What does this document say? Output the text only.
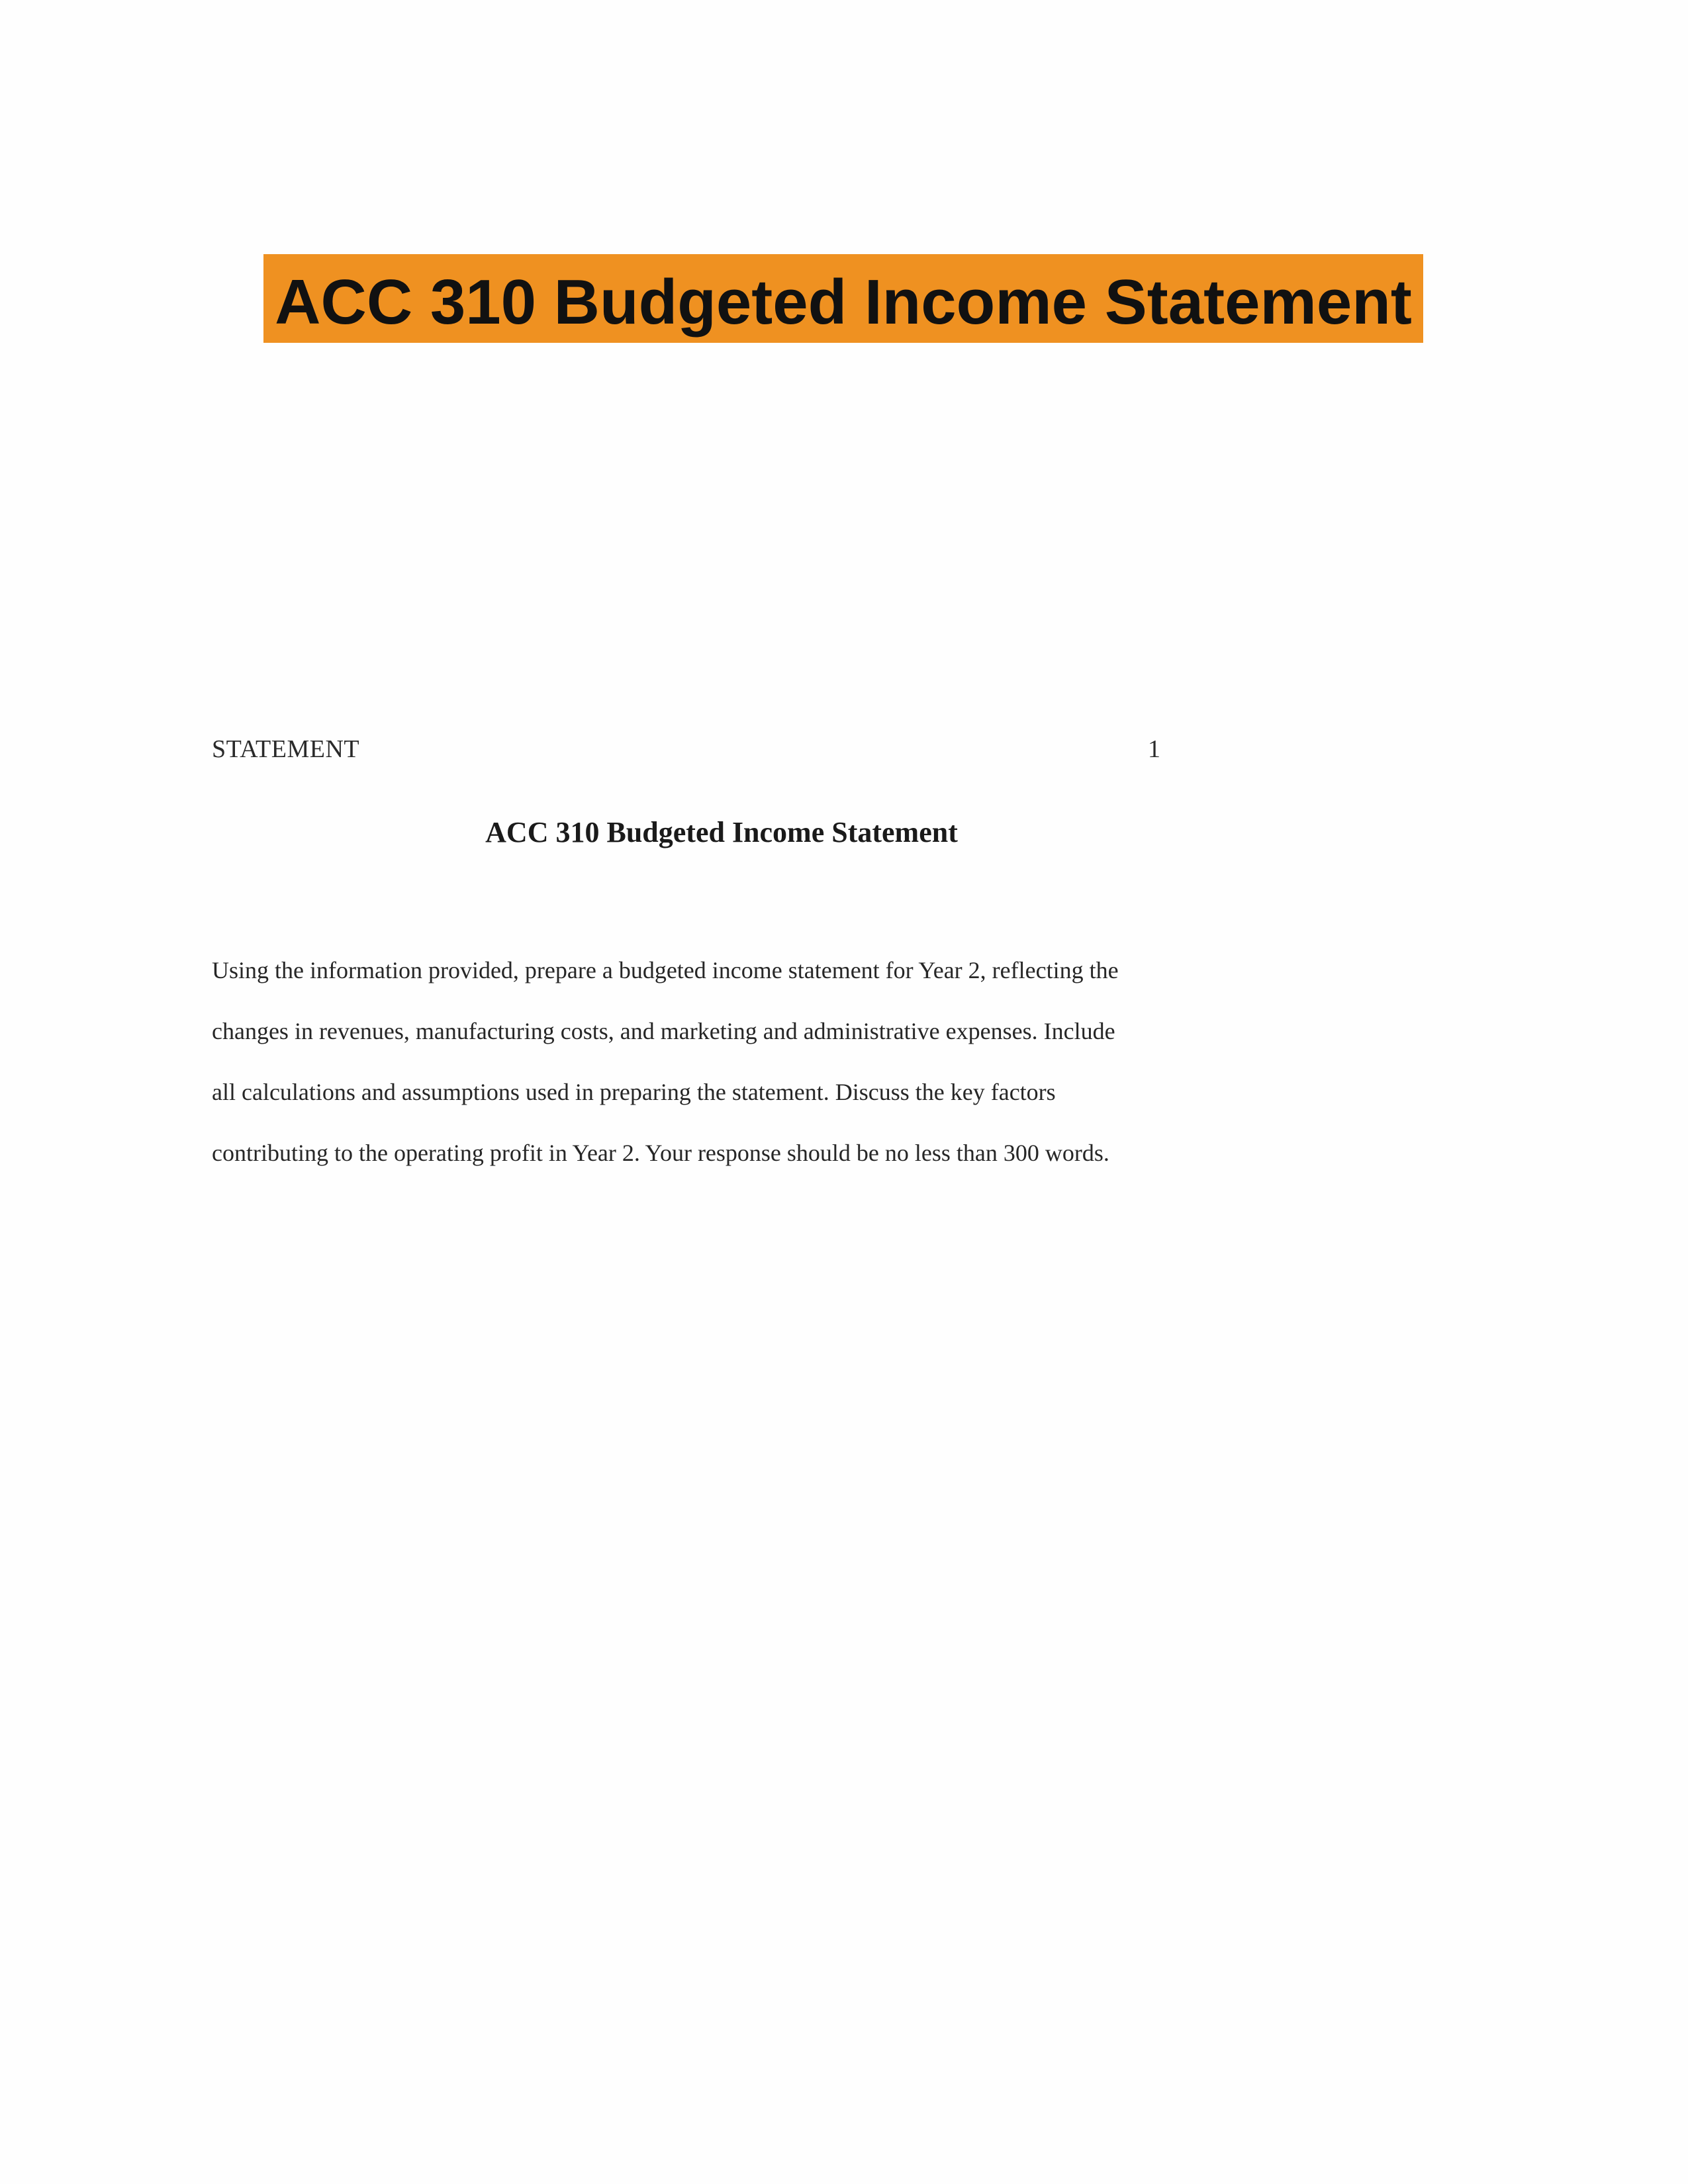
ACC 310 Budgeted Income Statement
STATEMENT	1
ACC 310 Budgeted Income Statement

Using the information provided, prepare a budgeted income statement for Year 2, reflecting the
changes in revenues, manufacturing costs, and marketing and administrative expenses. Include
all calculations and assumptions used in preparing the statement. Discuss the key factors
contributing to the operating profit in Year 2. Your response should be no less than 300 words.
